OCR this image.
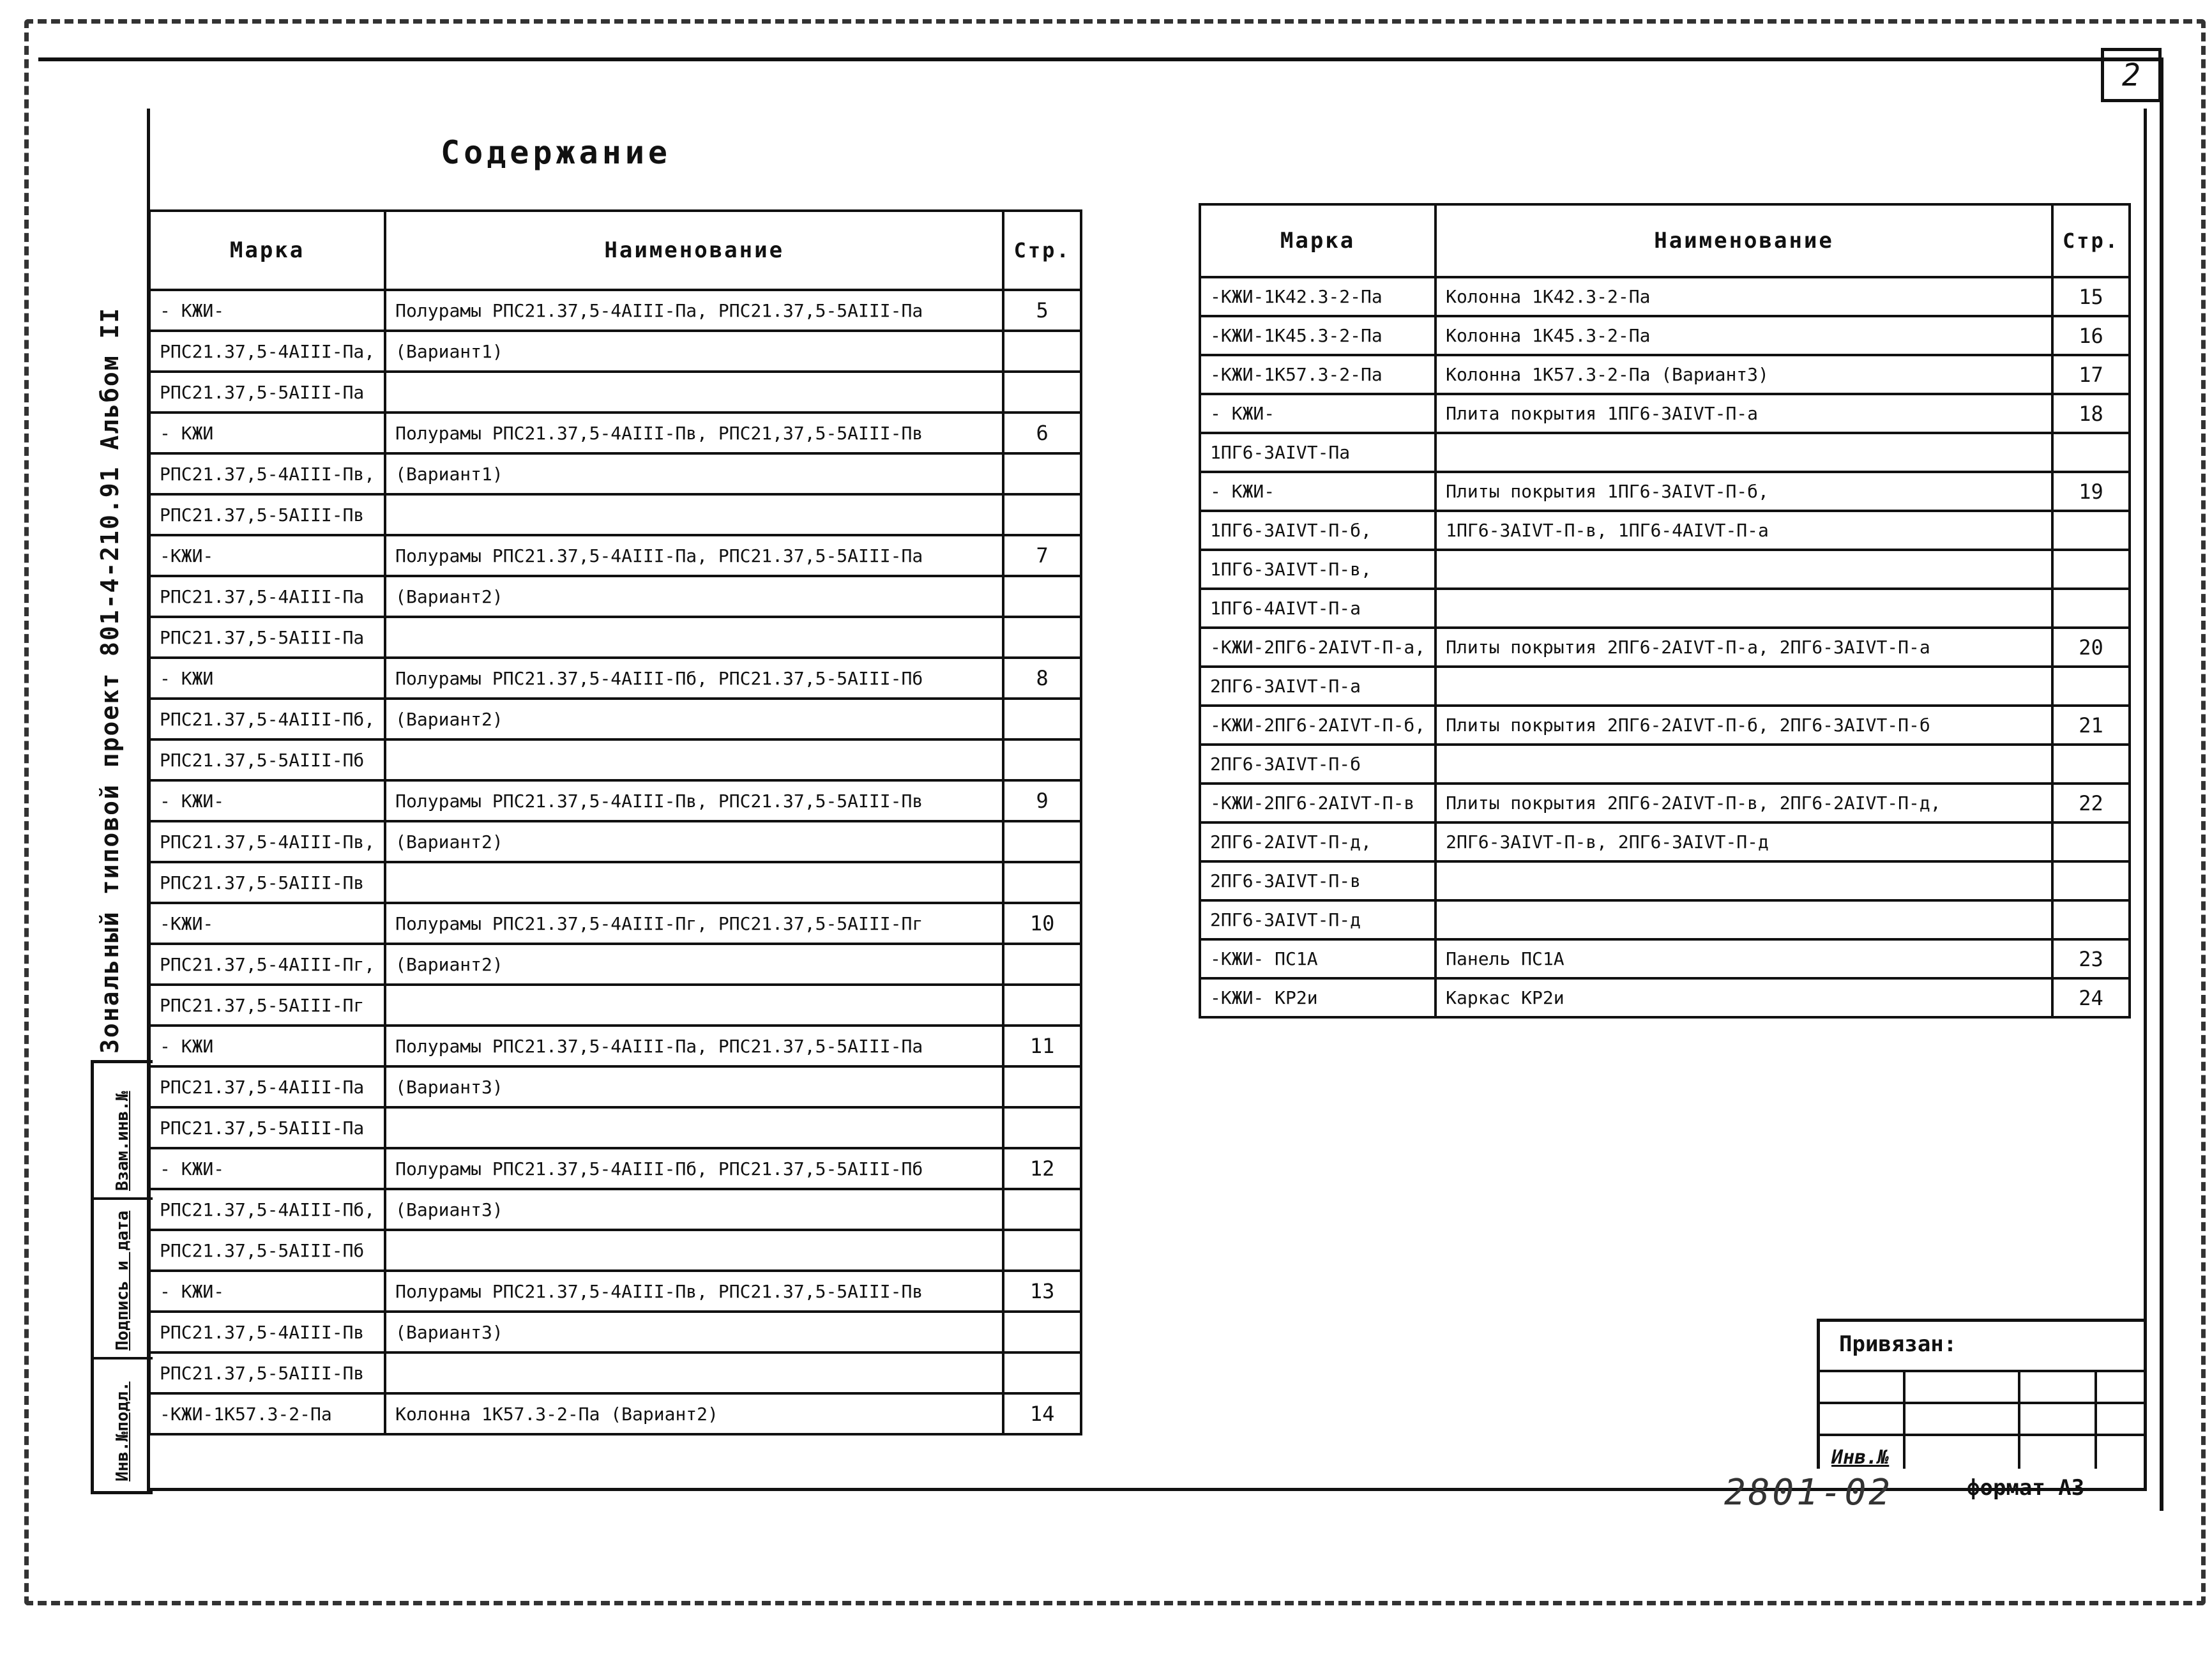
2
Зональный типовой проект 801-4-210.91 Альбом II
Взам.инв.№
Подпись и дата
Инв.№подл.
Содержание
Марка	Наименование	Стр.
- КЖИ-	Полурамы РПС21.37,5-4АIII-Па, РПС21.37,5-5АIII-Па	5
РПС21.37,5-4АIII-Па,	(Вариант1)	
РПС21.37,5-5АIII-Па		
- КЖИ	Полурамы РПС21.37,5-4АIII-Пв, РПС21,37,5-5АIII-Пв	6
РПС21.37,5-4АIII-Пв,	(Вариант1)	
РПС21.37,5-5АIII-Пв		
-КЖИ-	Полурамы РПС21.37,5-4АIII-Па, РПС21.37,5-5АIII-Па	7
РПС21.37,5-4АIII-Па	(Вариант2)	
РПС21.37,5-5АIII-Па		
- КЖИ	Полурамы РПС21.37,5-4АIII-Пб, РПС21.37,5-5АIII-Пб	8
РПС21.37,5-4АIII-Пб,	(Вариант2)	
РПС21.37,5-5АIII-Пб		
- КЖИ-	Полурамы РПС21.37,5-4АIII-Пв, РПС21.37,5-5АIII-Пв	9
РПС21.37,5-4АIII-Пв,	(Вариант2)	
РПС21.37,5-5АIII-Пв		
-КЖИ-	Полурамы РПС21.37,5-4АIII-Пг, РПС21.37,5-5АIII-Пг	10
РПС21.37,5-4АIII-Пг,	(Вариант2)	
РПС21.37,5-5АIII-Пг		
- КЖИ	Полурамы РПС21.37,5-4АIII-Па, РПС21.37,5-5АIII-Па	11
РПС21.37,5-4АIII-Па	(Вариант3)	
РПС21.37,5-5АIII-Па		
- КЖИ-	Полурамы РПС21.37,5-4АIII-Пб, РПС21.37,5-5АIII-Пб	12
РПС21.37,5-4АIII-Пб,	(Вариант3)	
РПС21.37,5-5АIII-Пб		
- КЖИ-	Полурамы РПС21.37,5-4АIII-Пв, РПС21.37,5-5АIII-Пв	13
РПС21.37,5-4АIII-Пв	(Вариант3)	
РПС21.37,5-5АIII-Пв		
-КЖИ-1К57.3-2-Па	Колонна 1К57.3-2-Па (Вариант2)	14
Марка	Наименование	Стр.
-КЖИ-1К42.3-2-Па	Колонна 1К42.3-2-Па	15
-КЖИ-1К45.3-2-Па	Колонна 1К45.3-2-Па	16
-КЖИ-1К57.3-2-Па	Колонна 1К57.3-2-Па (Вариант3)	17
- КЖИ-	Плита покрытия 1ПГ6-3АIVТ-П-а	18
1ПГ6-3АIVТ-Па		
- КЖИ-	Плиты покрытия 1ПГ6-3АIVТ-П-б,	19
1ПГ6-3АIVТ-П-б,	1ПГ6-3АIVТ-П-в, 1ПГ6-4АIVТ-П-а	
1ПГ6-3АIVТ-П-в,		
1ПГ6-4АIVТ-П-а		
-КЖИ-2ПГ6-2АIVТ-П-а,	Плиты покрытия 2ПГ6-2АIVТ-П-а, 2ПГ6-3АIVТ-П-а	20
2ПГ6-3АIVТ-П-а		
-КЖИ-2ПГ6-2АIVТ-П-б,	Плиты покрытия 2ПГ6-2АIVТ-П-б, 2ПГ6-3АIVТ-П-б	21
2ПГ6-3АIVТ-П-б		
-КЖИ-2ПГ6-2АIVТ-П-в	Плиты покрытия 2ПГ6-2АIVТ-П-в, 2ПГ6-2АIVТ-П-д,	22
2ПГ6-2АIVТ-П-д,	2ПГ6-3АIVТ-П-в, 2ПГ6-3АIVТ-П-д	
2ПГ6-3АIVТ-П-в		
2ПГ6-3АIVТ-П-д		
-КЖИ- ПС1А	Панель ПС1А	23
-КЖИ- КР2и	Каркас КР2и	24
Привязан:
Инв.№
2801-02	формат А3
